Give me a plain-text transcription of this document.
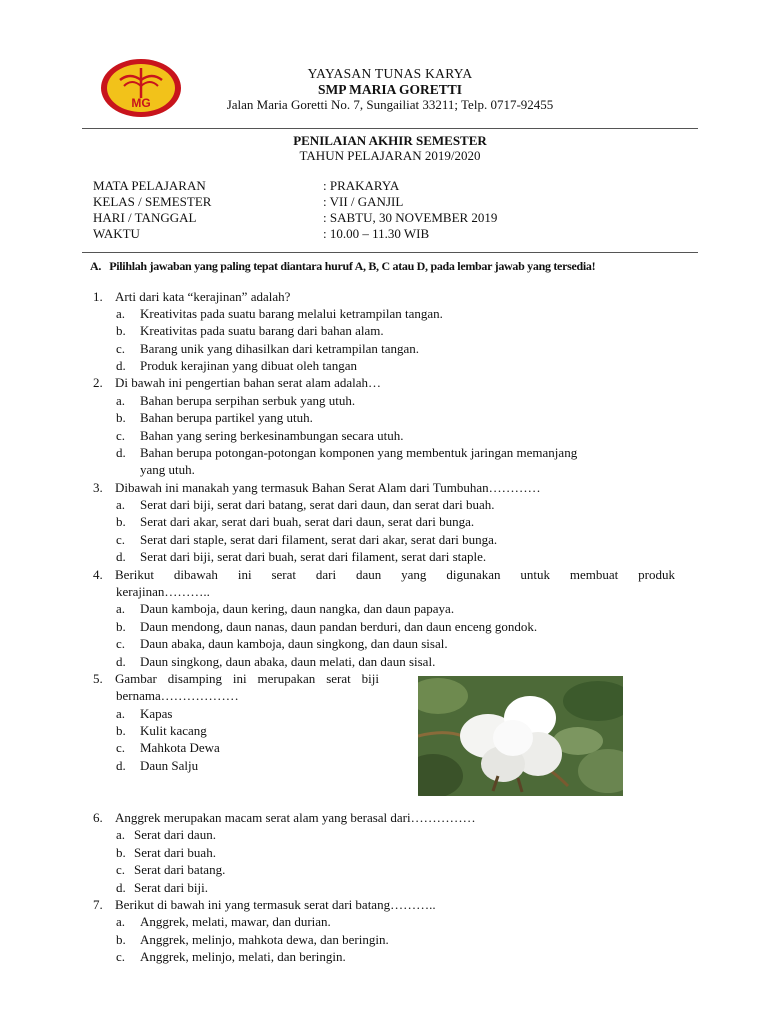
MG
YAYASAN TUNAS KARYA
SMP MARIA GORETTI
Jalan Maria Goretti No. 7, Sungailiat 33211; Telp. 0717-92455
PENILAIAN AKHIR SEMESTER
TAHUN PELAJARAN 2019/2020
MATA PELAJARAN	: PRAKARYA
KELAS / SEMESTER	: VII / GANJIL
HARI / TANGGAL	: SABTU, 30 NOVEMBER 2019
WAKTU	: 10.00 – 11.30 WIB
A. Pilihlah jawaban yang paling tepat diantara huruf A, B, C atau D, pada lembar jawab yang tersedia!
1. Arti dari kata “kerajinan” adalah?
a. Kreativitas pada suatu barang melalui ketrampilan tangan.
b. Kreativitas pada suatu barang dari bahan alam.
c. Barang unik yang dihasilkan dari ketrampilan tangan.
d. Produk kerajinan yang dibuat oleh tangan
2. Di bawah ini pengertian bahan serat alam adalah…
a. Bahan berupa serpihan serbuk yang utuh.
b. Bahan berupa partikel yang utuh.
c. Bahan yang sering berkesinambungan secara utuh.
d. Bahan berupa potongan-potongan komponen yang membentuk jaringan memanjang
yang utuh.
3. Dibawah ini manakah yang termasuk Bahan Serat Alam dari Tumbuhan…………
a. Serat dari biji, serat dari batang, serat dari daun, dan serat dari buah.
b. Serat dari akar, serat dari buah, serat dari daun, serat dari bunga.
c. Serat dari staple, serat dari filament, serat dari akar, serat dari bunga.
d. Serat dari biji, serat dari buah, serat dari filament, serat dari staple.
4. Berikut dibawah ini serat dari daun yang digunakan untuk membuat produk
kerajinan………..
a. Daun kamboja, daun kering, daun nangka, dan daun papaya.
b. Daun mendong, daun nanas, daun pandan berduri, dan daun enceng gondok.
c. Daun abaka, daun kamboja, daun singkong, dan daun sisal.
d. Daun singkong, daun abaka, daun melati, dan daun sisal.
5. Gambar disamping ini merupakan serat biji
bernama………………
a. Kapas
b. Kulit kacang
c. Mahkota Dewa
d. Daun Salju
6. Anggrek merupakan macam serat alam yang berasal dari……………
a. Serat dari daun.
b. Serat dari buah.
c. Serat dari batang.
d. Serat dari biji.
7. Berikut di bawah ini yang termasuk serat dari batang………..
a. Anggrek, melati, mawar, dan durian.
b. Anggrek, melinjo, mahkota dewa, dan beringin.
c. Anggrek, melinjo, melati, dan beringin.
